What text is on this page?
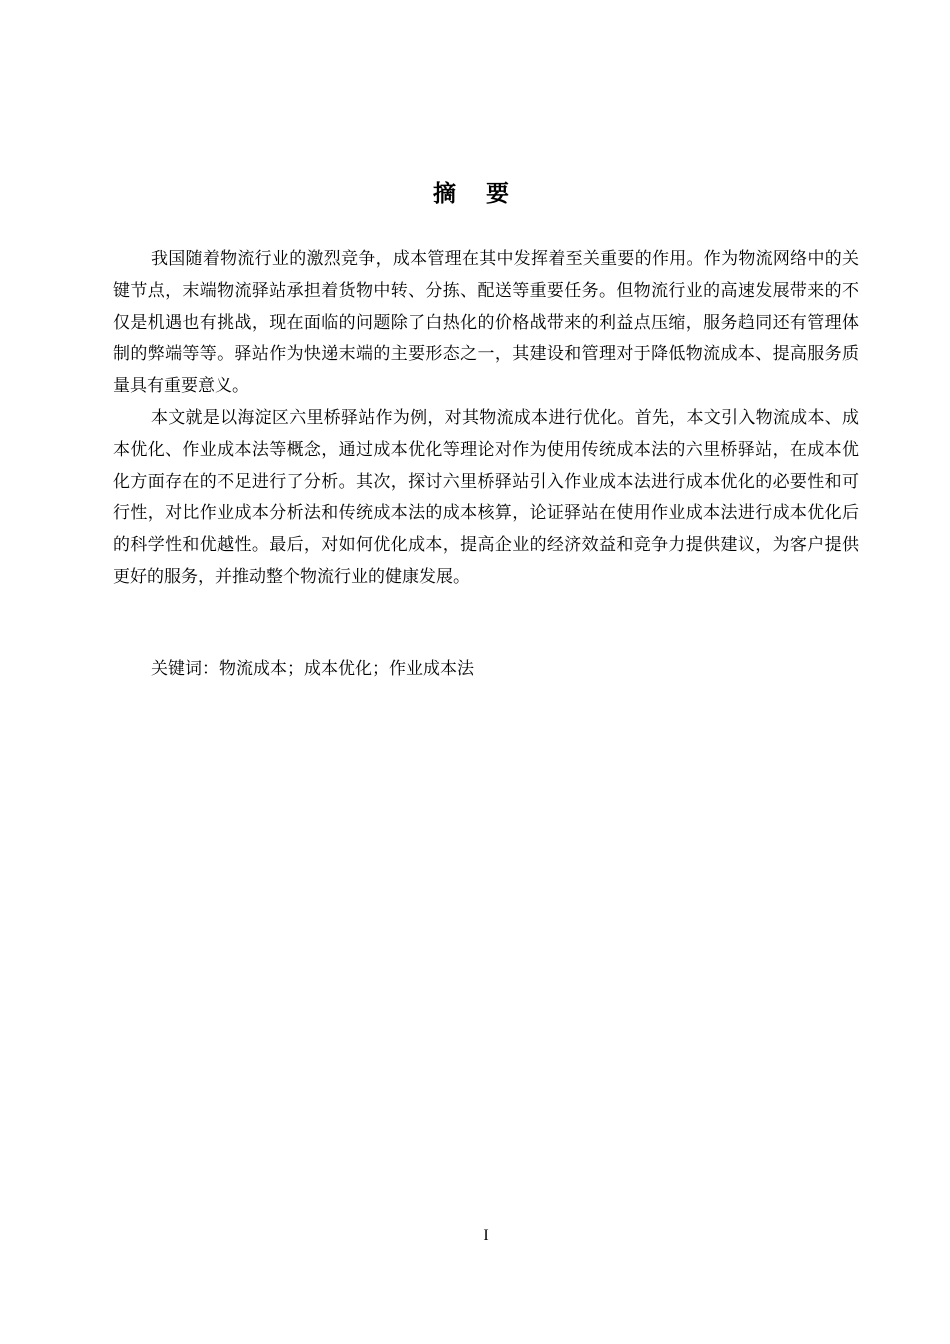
摘要

我国随着物流行业的激烈竞争，成本管理在其中发挥着至关重要的作用。作为物流网络中的关键节点，末端物流驿站承担着货物中转、分拣、配送等重要任务。但物流行业的高速发展带来的不仅是机遇也有挑战，现在面临的问题除了白热化的价格战带来的利益点压缩，服务趋同还有管理体制的弊端等等。驿站作为快递末端的主要形态之一，其建设和管理对于降低物流成本、提高服务质量具有重要意义。

本文就是以海淀区六里桥驿站作为例，对其物流成本进行优化。首先，本文引入物流成本、成本优化、作业成本法等概念，通过成本优化等理论对作为使用传统成本法的六里桥驿站，在成本优化方面存在的不足进行了分析。其次，探讨六里桥驿站引入作业成本法进行成本优化的必要性和可行性，对比作业成本分析法和传统成本法的成本核算，论证驿站在使用作业成本法进行成本优化后的科学性和优越性。最后，对如何优化成本，提高企业的经济效益和竞争力提供建议，为客户提供更好的服务，并推动整个物流行业的健康发展。

关键词：物流成本；成本优化；作业成本法
I
